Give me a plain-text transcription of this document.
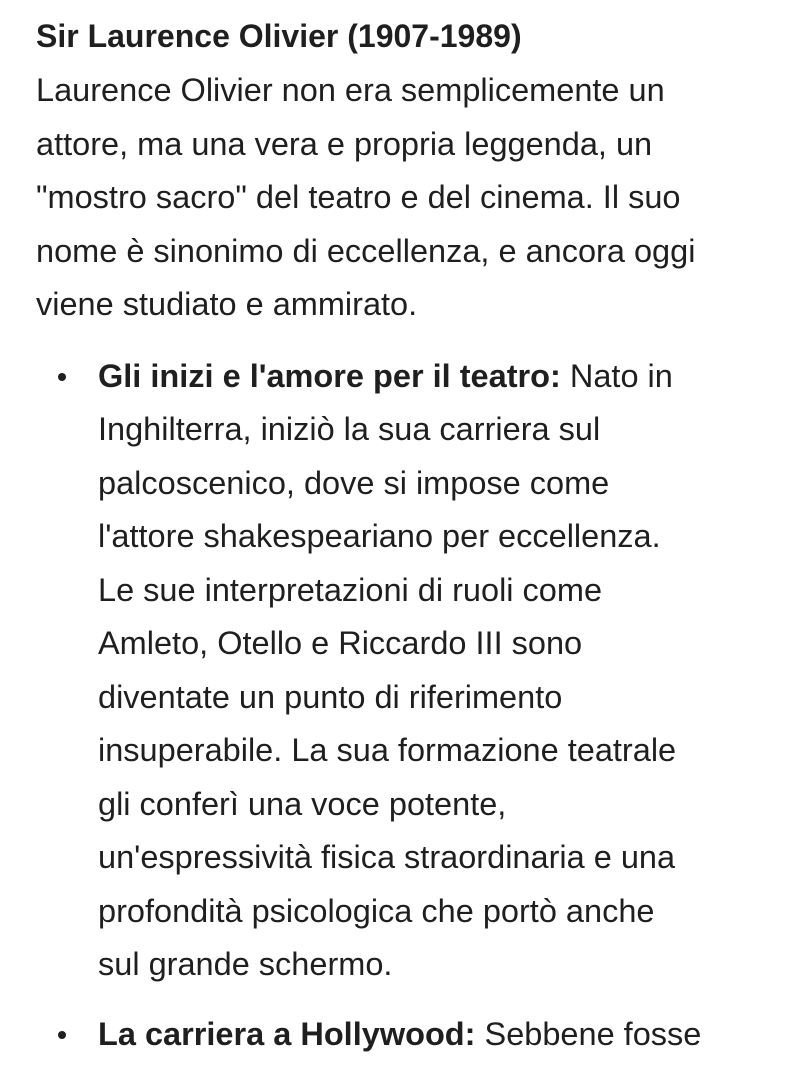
Sir Laurence Olivier (1907-1989)

Laurence Olivier non era semplicemente un
attore, ma una vera e propria leggenda, un
"mostro sacro" del teatro e del cinema. Il suo
nome è sinonimo di eccellenza, e ancora oggi
viene studiato e ammirato.

Gli inizi e l'amore per il teatro: Nato in
Inghilterra, iniziò la sua carriera sul
palcoscenico, dove si impose come
l'attore shakespeariano per eccellenza.
Le sue interpretazioni di ruoli come
Amleto, Otello e Riccardo III sono
diventate un punto di riferimento
insuperabile. La sua formazione teatrale
gli conferì una voce potente,
un'espressività fisica straordinaria e una
profondità psicologica che portò anche
sul grande schermo.
La carriera a Hollywood: Sebbene fosse
